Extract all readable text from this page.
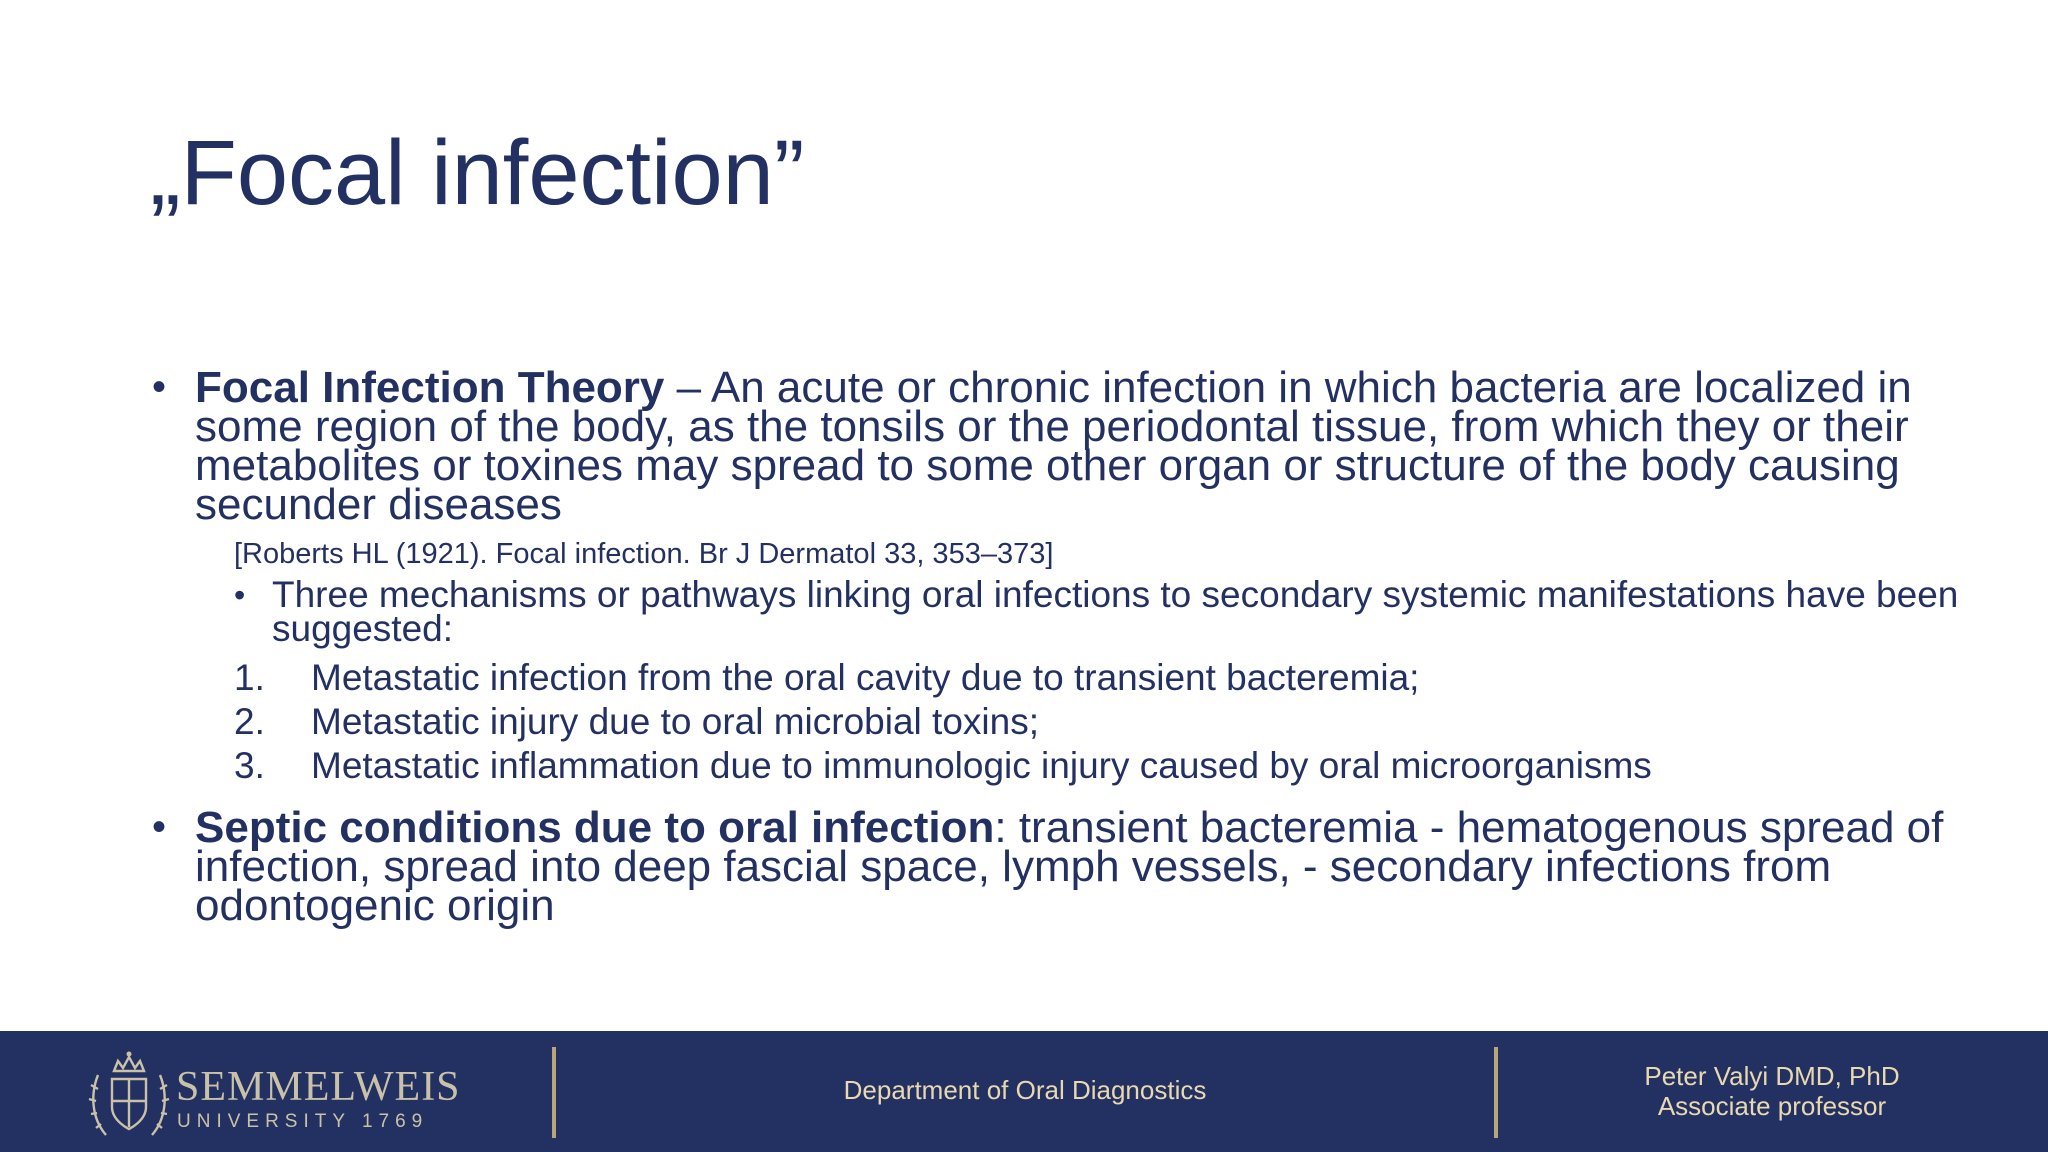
„Focal infection”
• Focal Infection Theory – An acute or chronic infection in which bacteria are localized in some region of the body, as the tonsils or the periodontal tissue, from which they or their metabolites or toxines may spread to some other organ or structure of the body causing secunder diseases
[Roberts HL (1921). Focal infection. Br J Dermatol 33, 353–373]
• Three mechanisms or pathways linking oral infections to secondary systemic manifestations have been suggested:
1. Metastatic infection from the oral cavity due to transient bacteremia;
2. Metastatic injury due to oral microbial toxins;
3. Metastatic inflammation due to immunologic injury caused by oral microorganisms
• Septic conditions due to oral infection: transient bacteremia - hematogenous spread of infection, spread into deep fascial space, lymph vessels, - secondary infections from odontogenic origin
SEMMELWEIS
UNIVERSITY 1769
Department of Oral Diagnostics	Peter Valyi DMD, PhD
Associate professor
